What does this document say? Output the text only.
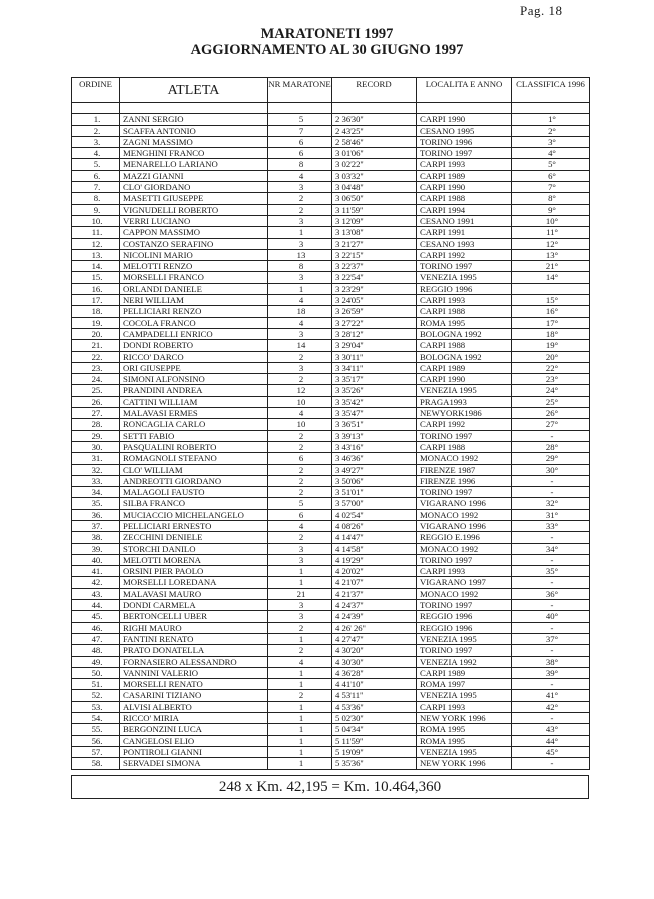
Pag. 18
MARATONETI 1997
AGGIORNAMENTO AL 30 GIUGNO 1997
ORDINE	ATLETA	NR MARATONE	RECORD	LOCALITA E ANNO	CLASSIFICA 1996

1.	ZANNI SERGIO	5	2 36'30''	CARPI 1990	1°
2.	SCAFFA ANTONIO	7	2 43'25''	CESANO 1995	2°
3.	ZAGNI MASSIMO	6	2 58'46''	TORINO 1996	3°
4.	MENGHINI FRANCO	6	3 01'06''	TORINO 1997	4°
5.	MENARELLO LARIANO	8	3 02'22''	CARPI 1993	5°
6.	MAZZI GIANNI	4	3 03'32''	CARPI 1989	6°
7.	CLO' GIORDANO	3	3 04'48''	CARPI 1990	7°
8.	MASETTI GIUSEPPE	2	3 06'50''	CARPI 1988	8°
9.	VIGNUDELLI ROBERTO	2	3 11'59''	CARPI 1994	9°
10.	VERRI LUCIANO	3	3 12'09''	CESANO 1991	10°
11.	CAPPON MASSIMO	1	3 13'08''	CARPI 1991	11°
12.	COSTANZO SERAFINO	3	3 21'27''	CESANO 1993	12°
13.	NICOLINI MARIO	13	3 22'15''	CARPI 1992	13°
14.	MELOTTI RENZO	8	3 22'37''	TORINO 1997	21°
15.	MORSELLI FRANCO	3	3 22'54''	VENEZIA 1995	14°
16.	ORLANDI DANIELE	1	3 23'29''	REGGIO 1996	
17.	NERI WILLIAM	4	3 24'05''	CARPI 1993	15°
18.	PELLICIARI RENZO	18	3 26'59''	CARPI 1988	16°
19.	COCOLA FRANCO	4	3 27'22''	ROMA 1995	17°
20.	CAMPADELLI ENRICO	3	3 28'12''	BOLOGNA 1992	18°
21.	DONDI ROBERTO	14	3 29'04''	CARPI 1988	19°
22.	RICCO' DARCO	2	3 30'11''	BOLOGNA 1992	20°
23.	ORI GIUSEPPE	3	3 34'11''	CARPI 1989	22°
24.	SIMONI ALFONSINO	2	3 35'17''	CARPI 1990	23°
25.	PRANDINI ANDREA	12	3 35'26''	VENEZIA 1995	24°
26.	CATTINI WILLIAM	10	3 35'42''	PRAGA1993	25°
27.	MALAVASI ERMES	4	3 35'47''	NEWYORK1986	26°
28.	RONCAGLIA CARLO	10	3 36'51''	CARPI 1992	27°
29.	SETTI FABIO	2	3 39'13''	TORINO 1997	-
30.	PASQUALINI ROBERTO	2	3 43'16''	CARPI 1988	28°
31.	ROMAGNOLI STEFANO	6	3 46'36''	MONACO 1992	29°
32.	CLO' WILLIAM	2	3 49'27''	FIRENZE 1987	30°
33.	ANDREOTTI GIORDANO	2	3 50'06''	FIRENZE 1996	-
34.	MALAGOLI FAUSTO	2	3 51'01''	TORINO 1997	-
35.	SILBA FRANCO	5	3 57'00''	VIGARANO 1996	32°
36.	MUCIACCIO MICHELANGELO	6	4 02'54''	MONACO 1992	31°
37.	PELLICIARI ERNESTO	4	4 08'26''	VIGARANO 1996	33°
38.	ZECCHINI DENIELE	2	4 14'47''	REGGIO E.1996	-
39.	STORCHI DANILO	3	4 14'58''	MONACO 1992	34°
40.	MELOTTI MORENA	3	4 19'29''	TORINO 1997	-
41.	ORSINI PIER PAOLO	1	4 20'02''	CARPI 1993	35°
42.	MORSELLI LOREDANA	1	4 21'07''	VIGARANO 1997	-
43.	MALAVASI MAURO	21	4 21'37''	MONACO 1992	36°
44.	DONDI CARMELA	3	4 24'37''	TORINO 1997	-
45.	BERTONCELLI UBER	3	4 24'39''	REGGIO 1996	40°
46.	RIGHI MAURO	2	4 26' 26''	REGGIO 1996	-
47.	FANTINI RENATO	1	4 27'47''	VENEZIA 1995	37°
48.	PRATO DONATELLA	2	4 30'20''	TORINO 1997	-
49.	FORNASIERO ALESSANDRO	4	4 30'30''	VENEZIA 1992	38°
50.	VANNINI VALERIO	1	4 36'28''	CARPI 1989	39°
51.	MORSELLI RENATO	1	4 41'10''	ROMA 1997	-
52.	CASARINI TIZIANO	2	4 53'11''	VENEZIA 1995	41°
53.	ALVISI ALBERTO	1	4 53'36''	CARPI 1993	42°
54.	RICCO' MIRIA	1	5 02'30''	NEW YORK 1996	-
55.	BERGONZINI LUCA	1	5 04'34''	ROMA 1995	43°
56.	CANGELOSI ELIO	1	5 11'59''	ROMA 1995	44°
57.	PONTIROLI GIANNI	1	5 19'09''	VENEZIA 1995	45°
58.	SERVADEI SIMONA	1	5 35'36''	NEW YORK 1996	-
248 x Km. 42,195 = Km. 10.464,360
